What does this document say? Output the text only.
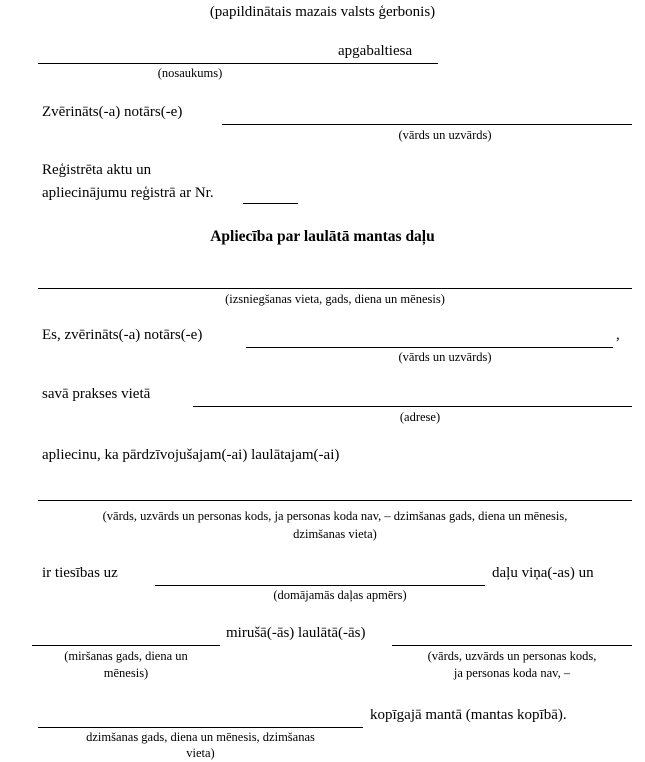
(papildinātais mazais valsts ģerbonis)
apgabaltiesa
(nosaukums)
Zvērināts(-a) notārs(-e)
(vārds un uzvārds)
Reģistrēta aktu un
apliecinājumu reģistrā ar Nr.
Apliecība par laulātā mantas daļu
(izsniegšanas vieta, gads, diena un mēnesis)
Es, zvērināts(-a) notārs(-e)	,
(vārds un uzvārds)
savā prakses vietā
(adrese)
apliecinu, ka pārdzīvojušajam(-ai) laulātajam(-ai)
(vārds, uzvārds un personas kods, ja personas koda nav, – dzimšanas gads, diena un mēnesis,
dzimšanas vieta)
ir tiesības uz	daļu viņa(-as) un
(domājamās daļas apmērs)
mirušā(-ās) laulātā(-ās)
(miršanas gads, diena un
mēnesis)
(vārds, uzvārds un personas kods,
ja personas koda nav, –
kopīgajā mantā (mantas kopībā).
dzimšanas gads, diena un mēnesis, dzimšanas
vieta)
